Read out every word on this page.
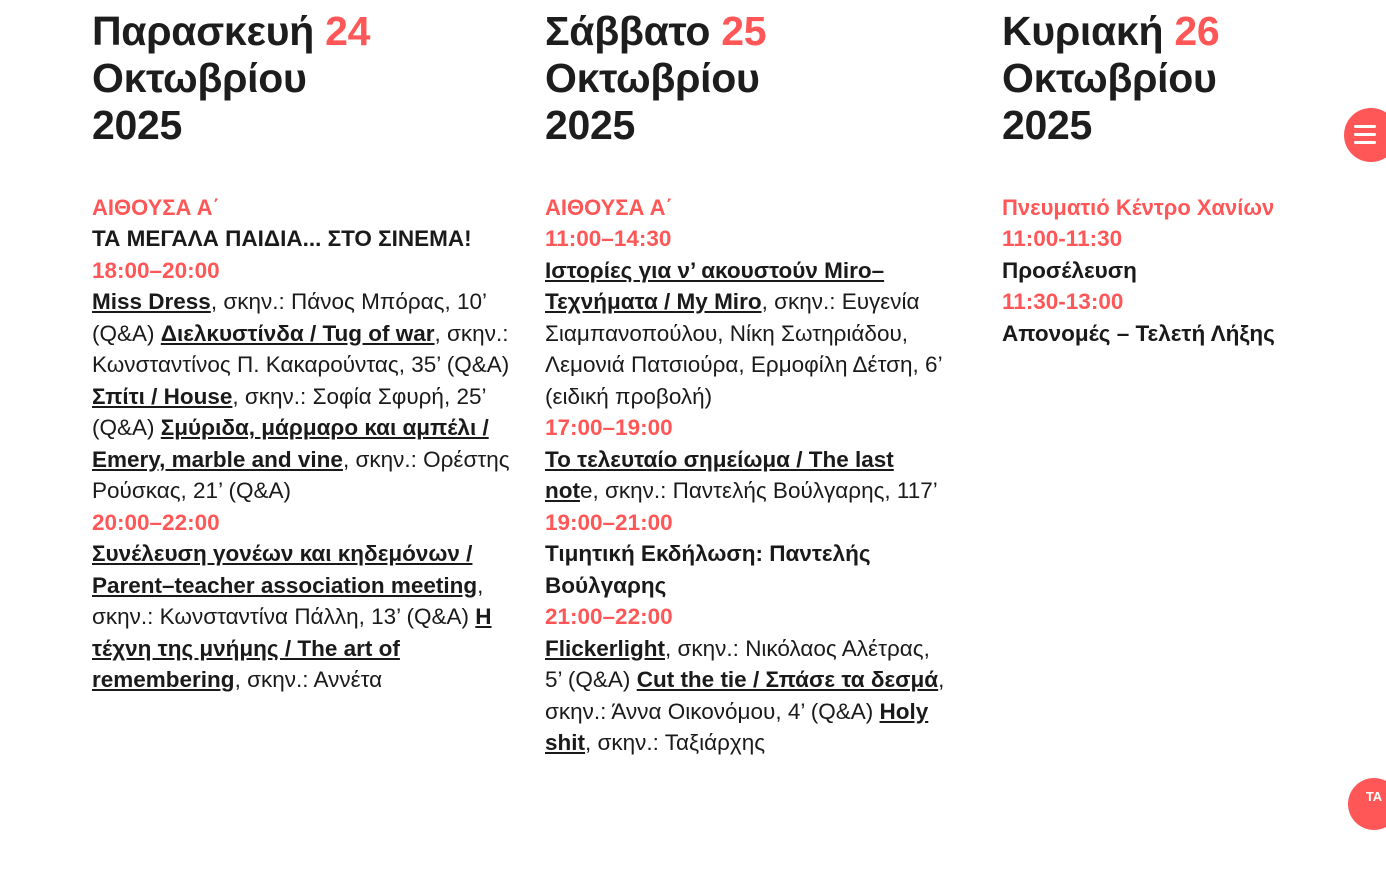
Παρασκευή 24
Οκτωβρίου
2025
ΑΙΘΟΥΣΑ Α΄
ΤΑ ΜΕΓΑΛΑ ΠΑΙΔΙΑ... ΣΤΟ ΣΙΝΕΜΑ!
18:00–20:00
Miss Dress, σκην.: Πάνος Μπόρας, 10’ (Q&A) Διελκυστίνδα / Tug of war, σκην.: Κωνσταντίνος Π. Κακαρούντας, 35’ (Q&A) Σπίτι / House, σκην.: Σοφία Σφυρή, 25’ (Q&A) Σμύριδα, μάρμαρο και αμπέλι / Emery, marble and vine, σκην.: Ορέστης Ρούσκας, 21’ (Q&A)
20:00–22:00
Συνέλευση γονέων και κηδεμόνων / Parent–teacher association meeting, σκην.: Κωνσταντίνα Πάλλη, 13’ (Q&A) Η τέχνη της μνήμης / The art of remembering, σκην.: Αννέτα
Σάββατο 25
Οκτωβρίου
2025
ΑΙΘΟΥΣΑ Α΄
11:00–14:30
Ιστορίες για ν’ ακουστούν Miro–Τεχνήματα / My Miro, σκην.: Ευγενία Σιαμπανοπούλου, Νίκη Σωτηριάδου, Λεμονιά Πατσιούρα, Ερμοφίλη Δέτση, 6’ (ειδική προβολή)
17:00–19:00
Το τελευταίο σημείωμα / The last note, σκην.: Παντελής Βούλγαρης, 117’
19:00–21:00
Τιμητική Εκδήλωση: Παντελής Βούλγαρης
21:00–22:00
Flickerlight, σκην.: Νικόλαος Αλέτρας, 5’ (Q&A) Cut the tie / Σπάσε τα δεσμά, σκην.: Άννα Οικονόμου, 4’ (Q&A) Holy shit, σκην.: Ταξιάρχης
Κυριακή 26
Οκτωβρίου
2025
Πνευματιό Κέντρο Χανίων
11:00-11:30
Προσέλευση
11:30-13:00
Απονομές – Τελετή Λήξης
ΤΑ
